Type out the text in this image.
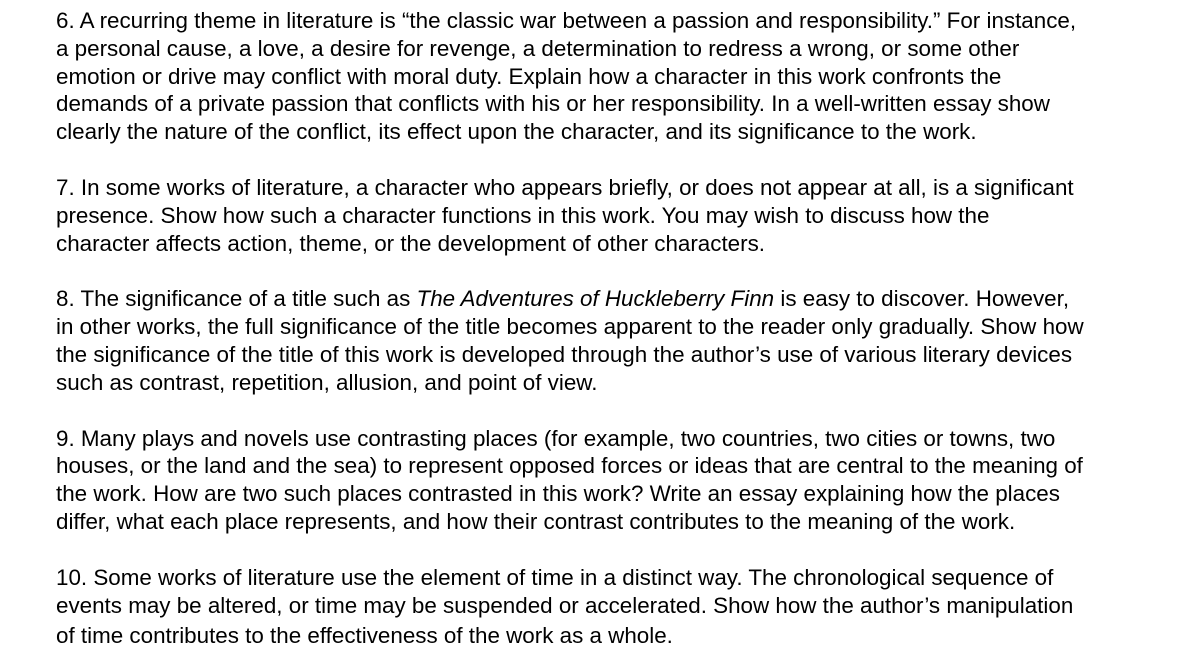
6. A recurring theme in literature is “the classic war between a passion and responsibility.” For instance,
a personal cause, a love, a desire for revenge, a determination to redress a wrong, or some other
emotion or drive may conflict with moral duty. Explain how a character in this work confronts the
demands of a private passion that conflicts with his or her responsibility. In a well-written essay show
clearly the nature of the conflict, its effect upon the character, and its significance to the work.
7. In some works of literature, a character who appears briefly, or does not appear at all, is a significant
presence. Show how such a character functions in this work. You may wish to discuss how the
character affects action, theme, or the development of other characters.
8. The significance of a title such as The Adventures of Huckleberry Finn is easy to discover. However,
in other works, the full significance of the title becomes apparent to the reader only gradually. Show how
the significance of the title of this work is developed through the author’s use of various literary devices
such as contrast, repetition, allusion, and point of view.
9. Many plays and novels use contrasting places (for example, two countries, two cities or towns, two
houses, or the land and the sea) to represent opposed forces or ideas that are central to the meaning of
the work. How are two such places contrasted in this work? Write an essay explaining how the places
differ, what each place represents, and how their contrast contributes to the meaning of the work.
10. Some works of literature use the element of time in a distinct way. The chronological sequence of
events may be altered, or time may be suspended or accelerated. Show how the author’s manipulation
of time contributes to the effectiveness of the work as a whole.
